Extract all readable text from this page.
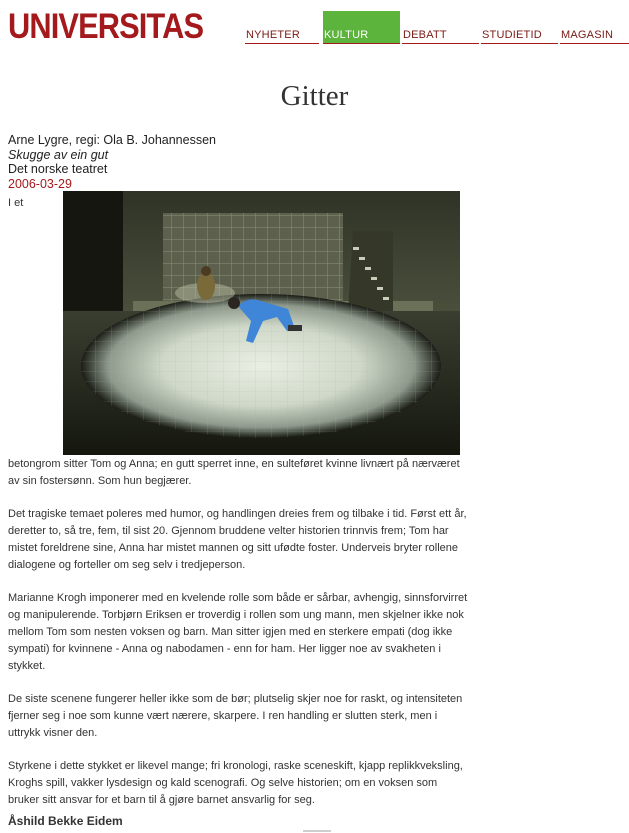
UNIVERSITAS	NYHETER KULTUR	DEBATT	STUDIETID MAGASIN
Gitter
Arne Lygre, regi: Ola B. Johannessen
Skugge av ein gut
Det norske teatret
2006-03-29
I et

betongrom sitter Tom og Anna; en gutt sperret inne, en sulteføret kvinne livnært på nærværet av sin fostersønn. Som hun begjærer.

Det tragiske temaet poleres med humor, og handlingen dreies frem og tilbake i tid. Først ett år, deretter to, så tre, fem, til sist 20. Gjennom bruddene velter historien trinnvis frem; Tom har mistet foreldrene sine, Anna har mistet mannen og sitt ufødte foster. Underveis bryter rollene dialogene og forteller om seg selv i tredjeperson.

Marianne Krogh imponerer med en kvelende rolle som både er sårbar, avhengig, sinnsforvirret og manipulerende. Torbjørn Eriksen er troverdig i rollen som ung mann, men skjelner ikke nok mellom Tom som nesten voksen og barn. Man sitter igjen med en sterkere empati (dog ikke sympati) for kvinnene - Anna og nabodamen - enn for ham. Her ligger noe av svakheten i stykket.

De siste scenene fungerer heller ikke som de bør; plutselig skjer noe for raskt, og intensiteten fjerner seg i noe som kunne vært nærere, skarpere. I ren handling er slutten sterk, men i uttrykk visner den.

Styrkene i dette stykket er likevel mange; fri kronologi, raske sceneskift, kjapp replikkveksling, Kroghs spill, vakker lysdesign og kald scenografi. Og selve historien; om en voksen som bruker sitt ansvar for et barn til å gjøre barnet ansvarlig for seg.

Åshild Bekke Eidem
